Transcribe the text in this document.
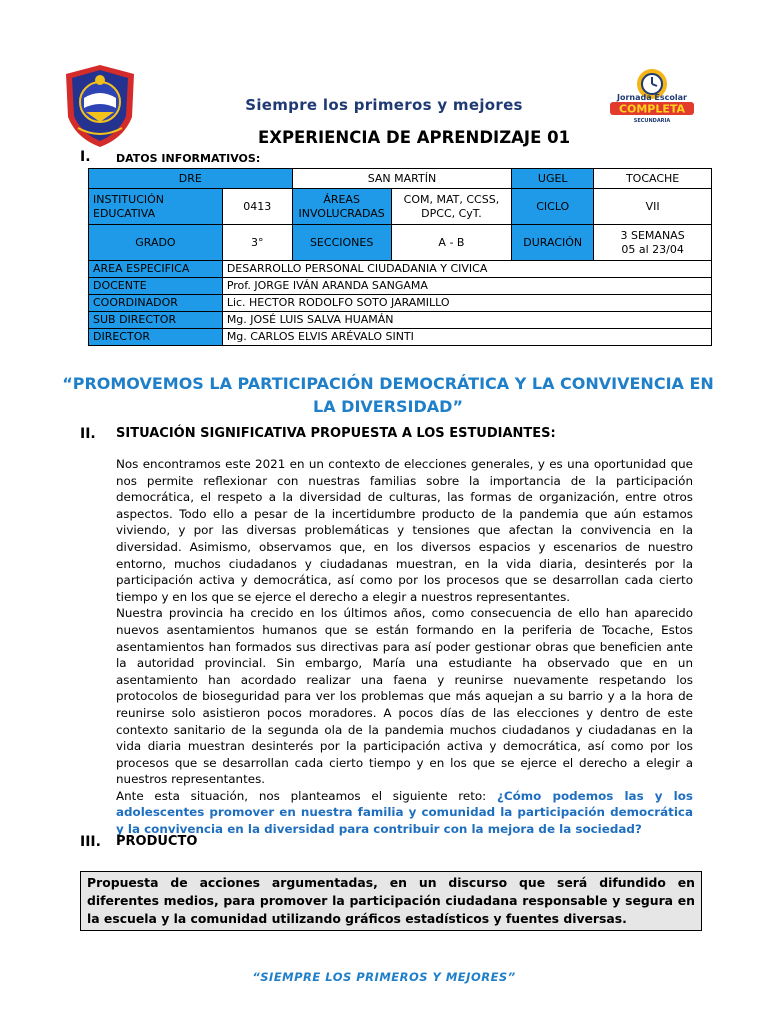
Jornada Escolar
COMPLETA
SECUNDARIA
Siempre los primeros y mejores
EXPERIENCIA DE APRENDIZAJE 01
I. DATOS INFORMATIVOS:
DRE		SAN MARTÍN		UGEL	TOCACHE
INSTITUCIÓN EDUCATIVA	0413	ÁREAS INVOLUCRADAS	COM, MAT, CCSS, DPCC, CyT.	CICLO	VII
GRADO	3°	SECCIONES	A - B	DURACIÓN	3 SEMANAS
05 al 23/04

AREA ESPECIFICA	DESARROLLO PERSONAL CIUDADANIA Y CIVICA				
DOCENTE	Prof. JORGE IVÁN ARANDA SANGAMA				
COORDINADOR	Lic. HECTOR RODOLFO SOTO JARAMILLO				
SUB DIRECTOR	Mg. JOSÉ LUIS SALVA HUAMÁN				
DIRECTOR	Mg. CARLOS ELVIS ARÉVALO SINTI				
“PROMOVEMOS LA PARTICIPACIÓN DEMOCRÁTICA Y LA CONVIVENCIA EN LA DIVERSIDAD”
II. SITUACIÓN SIGNIFICATIVA PROPUESTA A LOS ESTUDIANTES:

Nos encontramos este 2021 en un contexto de elecciones generales, y es una oportunidad que nos permite reflexionar con nuestras familias sobre la importancia de la participación democrática, el respeto a la diversidad de culturas, las formas de organización, entre otros aspectos. Todo ello a pesar de la incertidumbre producto de la pandemia que aún estamos viviendo, y por las diversas problemáticas y tensiones que afectan la convivencia en la diversidad. Asimismo, observamos que, en los diversos espacios y escenarios de nuestro entorno, muchos ciudadanos y ciudadanas muestran, en la vida diaria, desinterés por la participación activa y democrática, así como por los procesos que se desarrollan cada cierto tiempo y en los que se ejerce el derecho a elegir a nuestros representantes.

Nuestra provincia ha crecido en los últimos años, como consecuencia de ello han aparecido nuevos asentamientos humanos que se están formando en la periferia de Tocache, Estos asentamientos han formados sus directivas para así poder gestionar obras que beneficien ante la autoridad provincial. Sin embargo, María una estudiante ha observado que en un asentamiento han acordado realizar una faena y reunirse nuevamente respetando los protocolos de bioseguridad para ver los problemas que más aquejan a su barrio y a la hora de reunirse solo asistieron pocos moradores. A pocos días de las elecciones y dentro de este contexto sanitario de la segunda ola de la pandemia muchos ciudadanos y ciudadanas en la vida diaria muestran desinterés por la participación activa y democrática, así como por los procesos que se desarrollan cada cierto tiempo y en los que se ejerce el derecho a elegir a nuestros representantes.

Ante esta situación, nos planteamos el siguiente reto: ¿Cómo podemos las y los adolescentes promover en nuestra familia y comunidad la participación democrática y la convivencia en la diversidad para contribuir con la mejora de la sociedad?

III. PRODUCTO
Propuesta de acciones argumentadas, en un discurso que será difundido en diferentes medios, para promover la participación ciudadana responsable y segura en la escuela y la comunidad utilizando gráficos estadísticos y fuentes diversas.
“SIEMPRE LOS PRIMEROS Y MEJORES”
